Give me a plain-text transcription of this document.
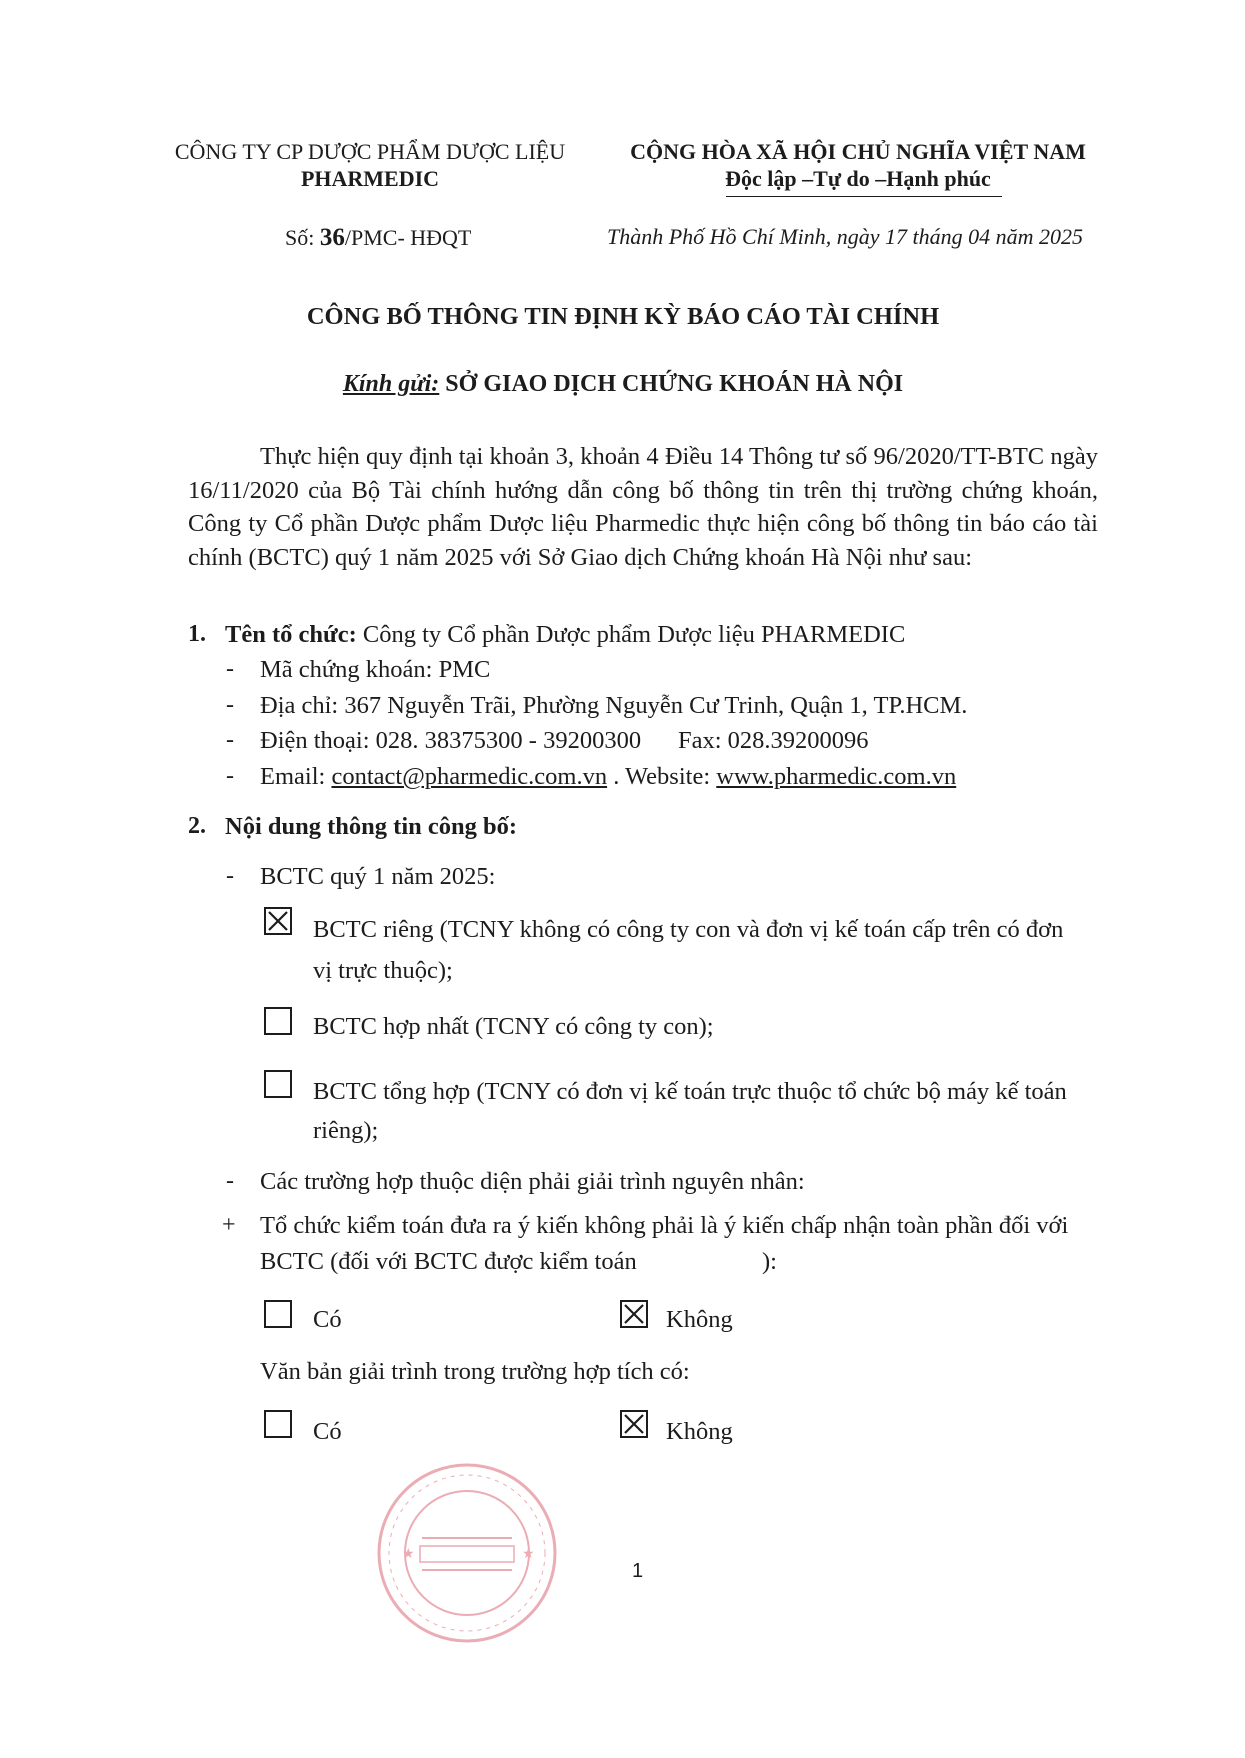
CÔNG TY CP DƯỢC PHẨM DƯỢC LIỆU
PHARMEDIC
CỘNG HÒA XÃ HỘI CHỦ NGHĨA VIỆT NAM
Độc lập –Tự do –Hạnh phúc
Số: 36/PMC- HĐQT	Thành Phố Hồ Chí Minh, ngày 17 tháng 04 năm 2025
CÔNG BỐ THÔNG TIN ĐỊNH KỲ BÁO CÁO TÀI CHÍNH
Kính gửi: SỞ GIAO DỊCH CHỨNG KHOÁN HÀ NỘI
Thực hiện quy định tại khoản 3, khoản 4 Điều 14 Thông tư số 96/2020/TT-BTC ngày 16/11/2020 của Bộ Tài chính hướng dẫn công bố thông tin trên thị trường chứng khoán, Công ty Cổ phần Dược phẩm Dược liệu Pharmedic thực hiện công bố thông tin báo cáo tài chính (BCTC) quý 1 năm 2025 với Sở Giao dịch Chứng khoán Hà Nội như sau:
1. Tên tổ chức: Công ty Cổ phần Dược phẩm Dược liệu PHARMEDIC
- Mã chứng khoán: PMC
- Địa chỉ: 367 Nguyễn Trãi, Phường Nguyễn Cư Trinh, Quận 1, TP.HCM.
- Điện thoại: 028. 38375300 - 39200300 Fax: 028.39200096
- Email: contact@pharmedic.com.vn . Website: www.pharmedic.com.vn
2. Nội dung thông tin công bố:
- BCTC quý 1 năm 2025:
BCTC riêng (TCNY không có công ty con và đơn vị kế toán cấp trên có đơn
vị trực thuộc);
BCTC hợp nhất (TCNY có công ty con);
BCTC tổng hợp (TCNY có đơn vị kế toán trực thuộc tổ chức bộ máy kế toán
riêng);
- Các trường hợp thuộc diện phải giải trình nguyên nhân:
+ Tổ chức kiểm toán đưa ra ý kiến không phải là ý kiến chấp nhận toàn phần đối với
BCTC (đối với BCTC được kiểm toán	):
Có	Không
Văn bản giải trình trong trường hợp tích có:
Có	Không
★	★
1
